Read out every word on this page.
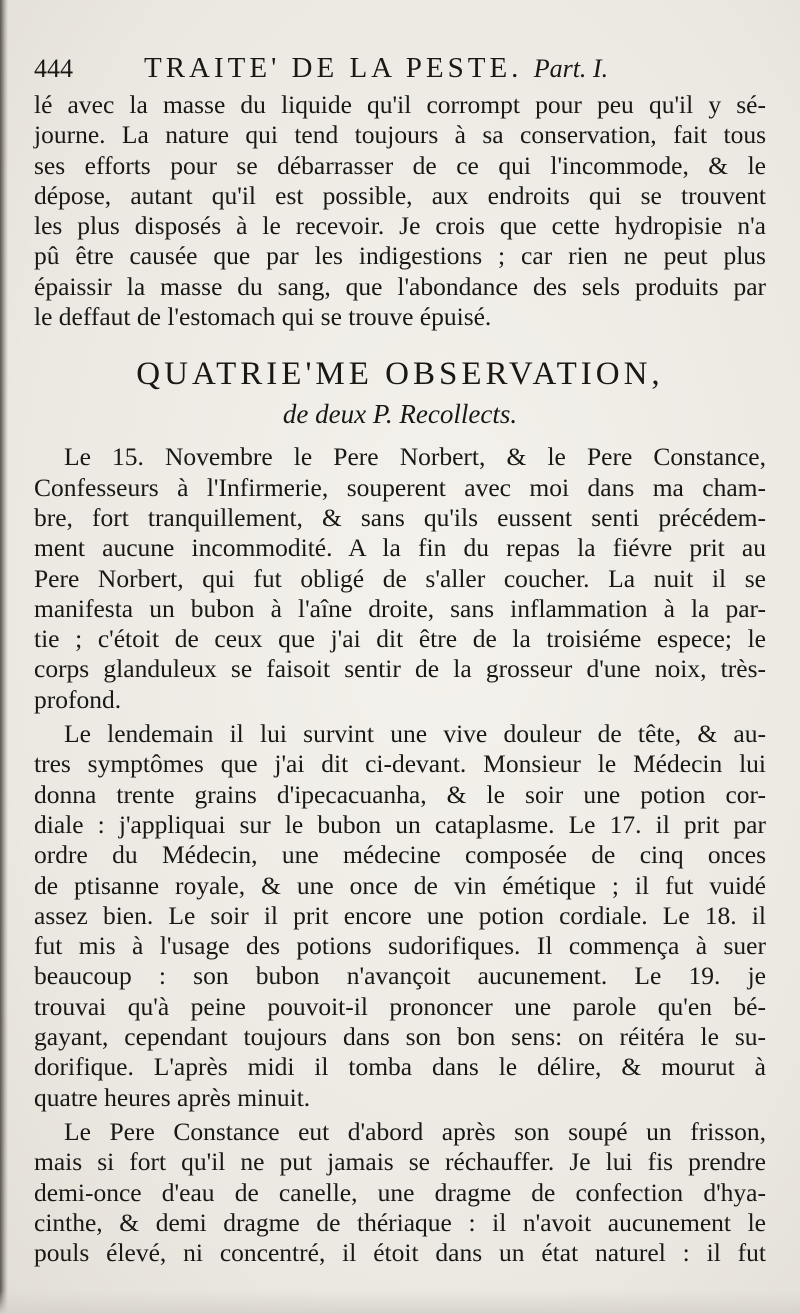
444	TRAITE' DE LA PESTE. Part. I.
lé avec la masse du liquide qu'il corrompt pour peu qu'il y sé-
journe. La nature qui tend toujours à sa conservation, fait tous
ses efforts pour se débarrasser de ce qui l'incommode, & le
dépose, autant qu'il est possible, aux endroits qui se trouvent
les plus disposés à le recevoir. Je crois que cette hydropisie n'a
pû être causée que par les indigestions ; car rien ne peut plus
épaissir la masse du sang, que l'abondance des sels produits par
le deffaut de l'estomach qui se trouve épuisé.
QUATRIE'ME OBSERVATION,
de deux P. Recollects.
Le 15. Novembre le Pere Norbert, & le Pere Constance,
Confesseurs à l'Infirmerie, souperent avec moi dans ma cham-
bre, fort tranquillement, & sans qu'ils eussent senti précédem-
ment aucune incommodité. A la fin du repas la fiévre prit au
Pere Norbert, qui fut obligé de s'aller coucher. La nuit il se
manifesta un bubon à l'aîne droite, sans inflammation à la par-
tie ; c'étoit de ceux que j'ai dit être de la troisiéme espece; le
corps glanduleux se faisoit sentir de la grosseur d'une noix, très-
profond.
Le lendemain il lui survint une vive douleur de tête, & au-
tres symptômes que j'ai dit ci-devant. Monsieur le Médecin lui
donna trente grains d'ipecacuanha, & le soir une potion cor-
diale : j'appliquai sur le bubon un cataplasme. Le 17. il prit par
ordre du Médecin, une médecine composée de cinq onces
de ptisanne royale, & une once de vin émétique ; il fut vuidé
assez bien. Le soir il prit encore une potion cordiale. Le 18. il
fut mis à l'usage des potions sudorifiques. Il commença à suer
beaucoup : son bubon n'avançoit aucunement. Le 19. je
trouvai qu'à peine pouvoit-il prononcer une parole qu'en bé-
gayant, cependant toujours dans son bon sens: on réitéra le su-
dorifique. L'après midi il tomba dans le délire, & mourut à
quatre heures après minuit.
Le Pere Constance eut d'abord après son soupé un frisson,
mais si fort qu'il ne put jamais se réchauffer. Je lui fis prendre
demi-once d'eau de canelle, une dragme de confection d'hya-
cinthe, & demi dragme de thériaque : il n'avoit aucunement le
pouls élevé, ni concentré, il étoit dans un état naturel : il fut
